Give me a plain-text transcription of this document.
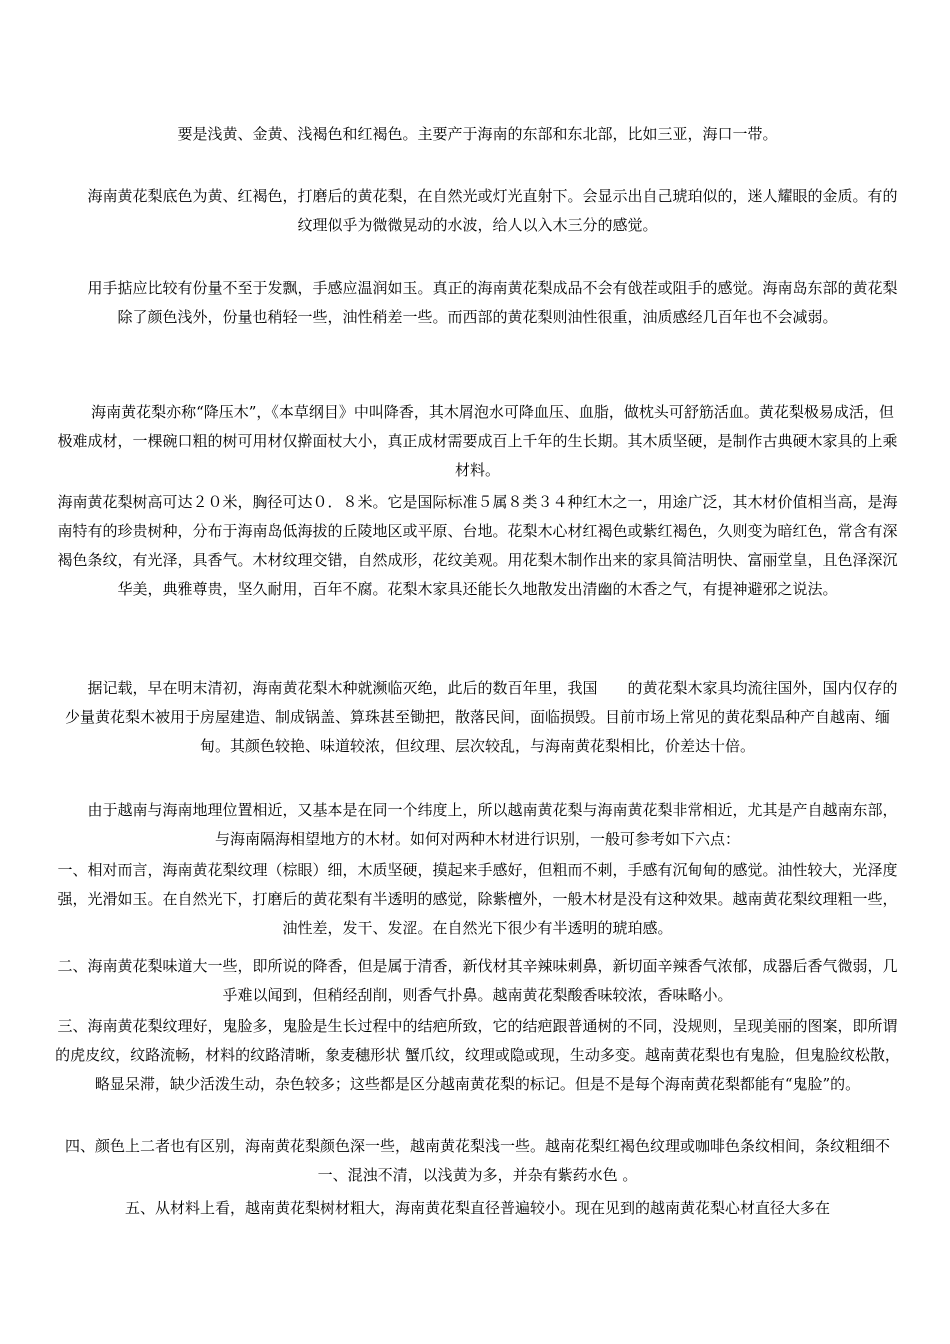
要是浅黄、金黄、浅褐色和红褐色。主要产于海南的东部和东北部，比如三亚，海口一带。

海南黄花梨底色为黄、红褐色，打磨后的黄花梨，在自然光或灯光直射下。会显示出自己琥珀似的，迷人耀眼的金质。有的纹理似乎为微微晃动的水波，给人以入木三分的感觉。

用手掂应比较有份量不至于发飘，手感应温润如玉。真正的海南黄花梨成品不会有戗茬或阻手的感觉。海南岛东部的黄花梨除了颜色浅外，份量也稍轻一些，油性稍差一些。而西部的黄花梨则油性很重，油质感经几百年也不会减弱。

海南黄花梨亦称“降压木”，《本草纲目》中叫降香，其木屑泡水可降血压、血脂，做枕头可舒筋活血。黄花梨极易成活，但极难成材，一棵碗口粗的树可用材仅擀面杖大小，真正成材需要成百上千年的生长期。其木质坚硬，是制作古典硬木家具的上乘材料。

海南黄花梨树高可达２０米，胸径可达０．８米。它是国际标准５属８类３４种红木之一，用途广泛，其木材价值相当高，是海南特有的珍贵树种，分布于海南岛低海拔的丘陵地区或平原、台地。花梨木心材红褐色或紫红褐色，久则变为暗红色，常含有深褐色条纹，有光泽，具香气。木材纹理交错，自然成形，花纹美观。用花梨木制作出来的家具简洁明快、富丽堂皇，且色泽深沉华美，典雅尊贵，坚久耐用，百年不腐。花梨木家具还能长久地散发出清幽的木香之气，有提神避邪之说法。

据记载，早在明末清初，海南黄花梨木种就濒临灭绝，此后的数百年里，我国　　的黄花梨木家具均流往国外，国内仅存的少量黄花梨木被用于房屋建造、制成锅盖、算珠甚至锄把，散落民间，面临损毁。目前市场上常见的黄花梨品种产自越南、缅甸。其颜色较艳、味道较浓，但纹理、层次较乱，与海南黄花梨相比，价差达十倍。

由于越南与海南地理位置相近，又基本是在同一个纬度上，所以越南黄花梨与海南黄花梨非常相近，尤其是产自越南东部，与海南隔海相望地方的木材。如何对两种木材进行识别，一般可参考如下六点：

一、相对而言，海南黄花梨纹理（棕眼）细，木质坚硬，摸起来手感好，但粗而不刺，手感有沉甸甸的感觉。油性较大，光泽度强，光滑如玉。在自然光下，打磨后的黄花梨有半透明的感觉，除紫檀外，一般木材是没有这种效果。越南黄花梨纹理粗一些，油性差，发干、发涩。在自然光下很少有半透明的琥珀感。

二、海南黄花梨味道大一些，即所说的降香，但是属于清香，新伐材其辛辣味刺鼻，新切面辛辣香气浓郁，成器后香气微弱，几乎难以闻到，但稍经刮削，则香气扑鼻。越南黄花梨酸香味较浓，香味略小。

三、海南黄花梨纹理好，鬼脸多，鬼脸是生长过程中的结疤所致，它的结疤跟普通树的不同，没规则，呈现美丽的图案，即所谓的虎皮纹，纹路流畅，材料的纹路清晰，象麦穗形状 蟹爪纹，纹理或隐或现，生动多变。越南黄花梨也有鬼脸，但鬼脸纹松散，略显呆滞，缺少活泼生动，杂色较多；这些都是区分越南黄花梨的标记。但是不是每个海南黄花梨都能有“鬼脸”的。

四、颜色上二者也有区别，海南黄花梨颜色深一些，越南黄花梨浅一些。越南花梨红褐色纹理或咖啡色条纹相间，条纹粗细不一、混浊不清，以浅黄为多，并杂有紫药水色 。

五、从材料上看，越南黄花梨树材粗大，海南黄花梨直径普遍较小。现在见到的越南黄花梨心材直径大多在
